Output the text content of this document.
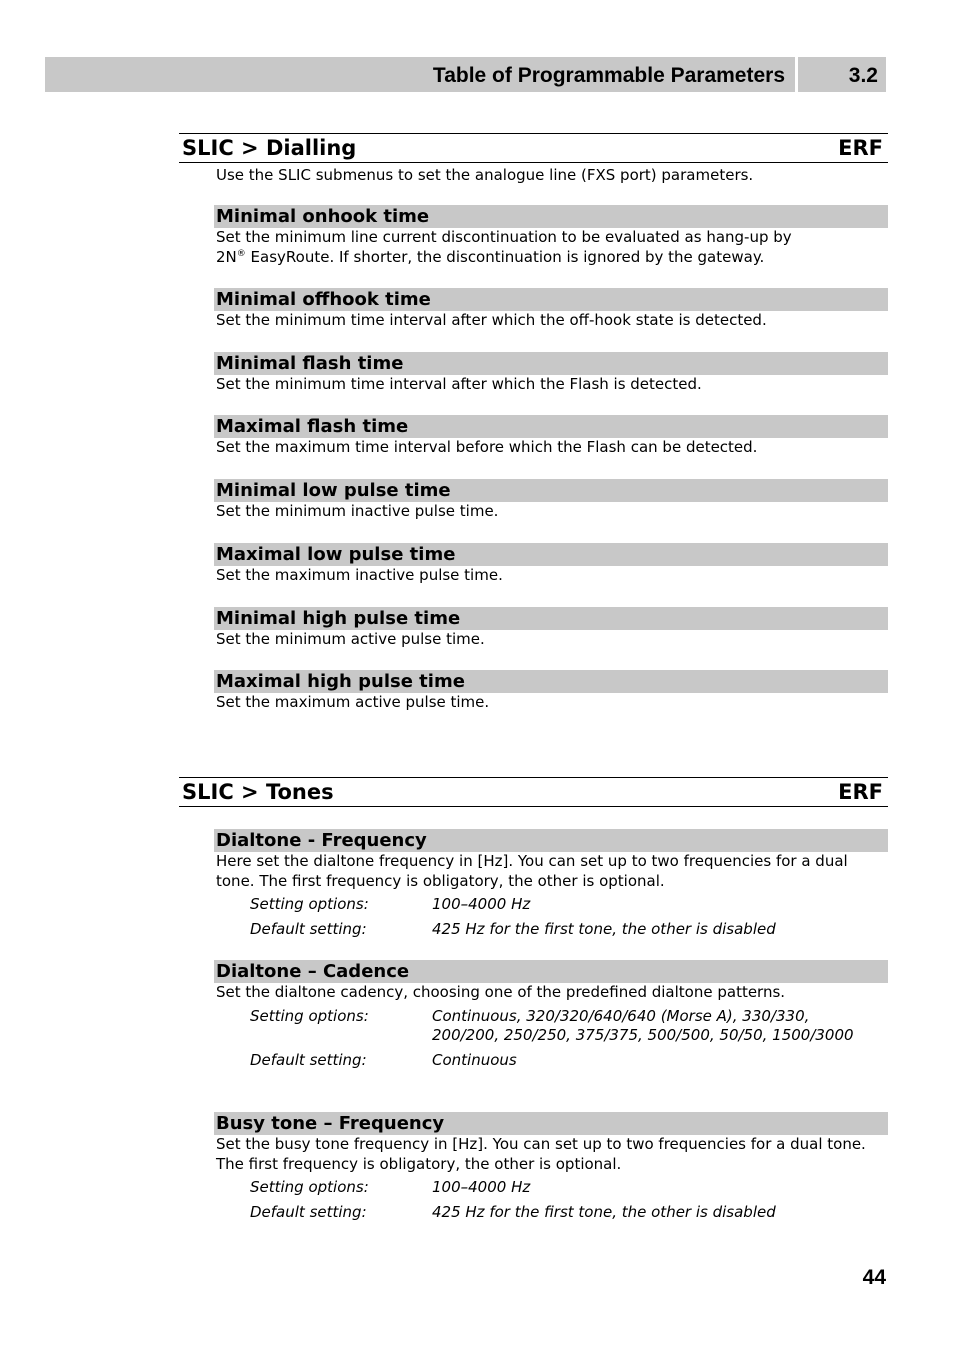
Table of Programmable Parameters	3.2
SLIC > Dialling	ERF
Use the SLIC submenus to set the analogue line (FXS port) parameters.
Minimal onhook time
Set the minimum line current discontinuation to be evaluated as hang-up by
2N® EasyRoute. If shorter, the discontinuation is ignored by the gateway.
Minimal offhook time
Set the minimum time interval after which the off-hook state is detected.
Minimal flash time
Set the minimum time interval after which the Flash is detected.
Maximal flash time
Set the maximum time interval before which the Flash can be detected.
Minimal low pulse time
Set the minimum inactive pulse time.
Maximal low pulse time
Set the maximum inactive pulse time.
Minimal high pulse time
Set the minimum active pulse time.
Maximal high pulse time
Set the maximum active pulse time.
SLIC > Tones	ERF
Dialtone - Frequency
Here set the dialtone frequency in [Hz]. You can set up to two frequencies for a dual tone. The first frequency is obligatory, the other is optional.
Setting options:	100–4000 Hz
Default setting:	425 Hz for the first tone, the other is disabled
Dialtone – Cadence
Set the dialtone cadency, choosing one of the predefined dialtone patterns.
Setting options:	Continuous, 320/320/640/640 (Morse A), 330/330, 200/200, 250/250, 375/375, 500/500, 50/50, 1500/3000
Default setting:	Continuous
Busy tone – Frequency
Set the busy tone frequency in [Hz]. You can set up to two frequencies for a dual tone. The first frequency is obligatory, the other is optional.
Setting options:	100–4000 Hz
Default setting:	425 Hz for the first tone, the other is disabled
44
